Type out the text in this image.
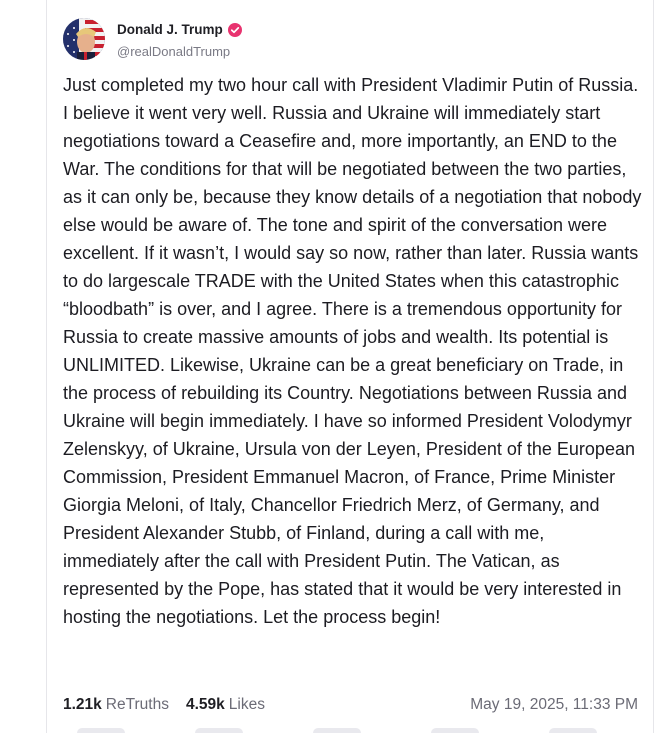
Donald J. Trump
@realDonaldTrump

Just completed my two hour call with President Vladimir Putin of Russia. I believe it went very well. Russia and Ukraine will immediately start negotiations toward a Ceasefire and, more importantly, an END to the War. The conditions for that will be negotiated between the two parties, as it can only be, because they know details of a negotiation that nobody else would be aware of. The tone and spirit of the conversation were excellent. If it wasn’t, I would say so now, rather than later. Russia wants to do largescale TRADE with the United States when this catastrophic “bloodbath” is over, and I agree. There is a tremendous opportunity for Russia to create massive amounts of jobs and wealth. Its potential is UNLIMITED. Likewise, Ukraine can be a great beneficiary on Trade, in the process of rebuilding its Country. Negotiations between Russia and Ukraine will begin immediately. I have so informed President Volodymyr Zelenskyy, of Ukraine, Ursula von der Leyen, President of the European Commission, President Emmanuel Macron, of France, Prime Minister Giorgia Meloni, of Italy, Chancellor Friedrich Merz, of Germany, and President Alexander Stubb, of Finland, during a call with me, immediately after the call with President Putin. The Vatican, as represented by the Pope, has stated that it would be very interested in hosting the negotiations. Let the process begin!

1.21k ReTruths 4.59k Likes	May 19, 2025, 11:33 PM
